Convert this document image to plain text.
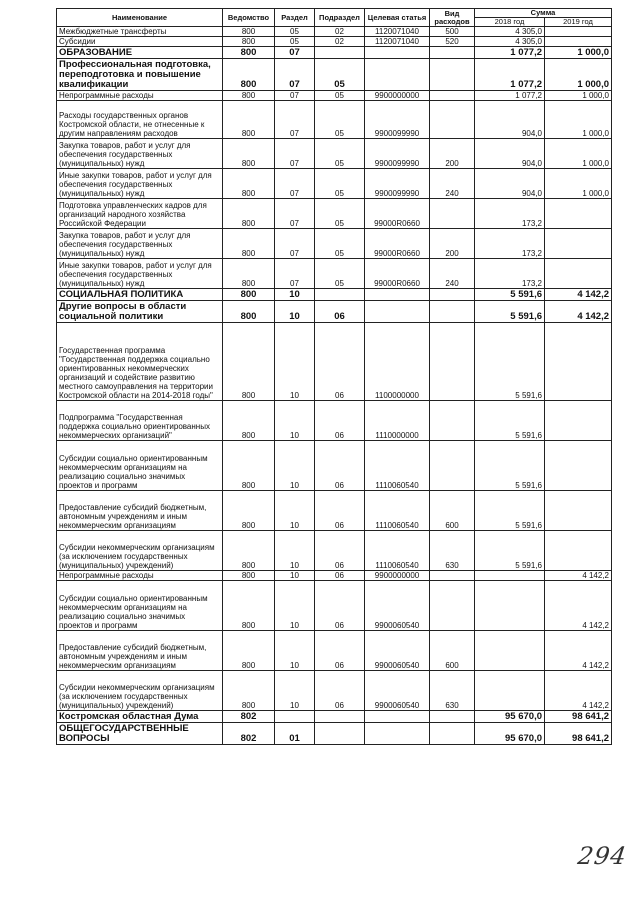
Наименование	Ведомство	Раздел	Подраздел	Целевая статья	Вид расходов	Сумма	
						2018 год	2019 год
Межбюджетные трансферты	800	05	02	1120071040	500	4 305,0	
Субсидии	800	05	02	1120071040	520	4 305,0	
ОБРАЗОВАНИЕ	800	07				1 077,2	1 000,0
Профессиональная подготовка, переподготовка и повышение квалификации	800	07	05			1 077,2	1 000,0
Непрограммные расходы	800	07	05	9900000000		1 077,2	1 000,0
Расходы государственных органов Костромской области, не отнесенные к другим направлениям расходов	800	07	05	9900099990		904,0	1 000,0
Закупка товаров, работ и услуг для обеспечения государственных (муниципальных) нужд	800	07	05	9900099990	200	904,0	1 000,0
Иные закупки товаров, работ и услуг для обеспечения государственных (муниципальных) нужд	800	07	05	9900099990	240	904,0	1 000,0
Подготовка управленческих кадров для организаций народного хозяйства Российской Федерации	800	07	05	99000R0660		173,2	
Закупка товаров, работ и услуг для обеспечения государственных (муниципальных) нужд	800	07	05	99000R0660	200	173,2	
Иные закупки товаров, работ и услуг для обеспечения государственных (муниципальных) нужд	800	07	05	99000R0660	240	173,2	
СОЦИАЛЬНАЯ ПОЛИТИКА	800	10				5 591,6	4 142,2
Другие вопросы в области социальной политики	800	10	06			5 591,6	4 142,2
Государственная программа "Государственная поддержка социально ориентированных некоммерческих организаций и содействие развитию местного самоуправления на территории Костромской области на 2014-2018 годы"	800	10	06	1100000000		5 591,6	
Подпрограмма "Государственная поддержка социально ориентированных некоммерческих организаций"	800	10	06	1110000000		5 591,6	
Субсидии социально ориентированным некоммерческим организациям на реализацию социально значимых проектов и программ	800	10	06	1110060540		5 591,6	
Предоставление субсидий бюджетным, автономным учреждениям и иным некоммерческим организациям	800	10	06	1110060540	600	5 591,6	
Субсидии некоммерческим организациям (за исключением государственных (муниципальных) учреждений)	800	10	06	1110060540	630	5 591,6	
Непрограммные расходы	800	10	06	9900000000			4 142,2
Субсидии социально ориентированным некоммерческим организациям на реализацию социально значимых проектов и программ	800	10	06	9900060540			4 142,2
Предоставление субсидий бюджетным, автономным учреждениям и иным некоммерческим организациям	800	10	06	9900060540	600		4 142,2
Субсидии некоммерческим организациям (за исключением государственных (муниципальных) учреждений)	800	10	06	9900060540	630		4 142,2
Костромская областная Дума	802					95 670,0	98 641,2
ОБЩЕГОСУДАРСТВЕННЫЕ ВОПРОСЫ	802	01				95 670,0	98 641,2
294
